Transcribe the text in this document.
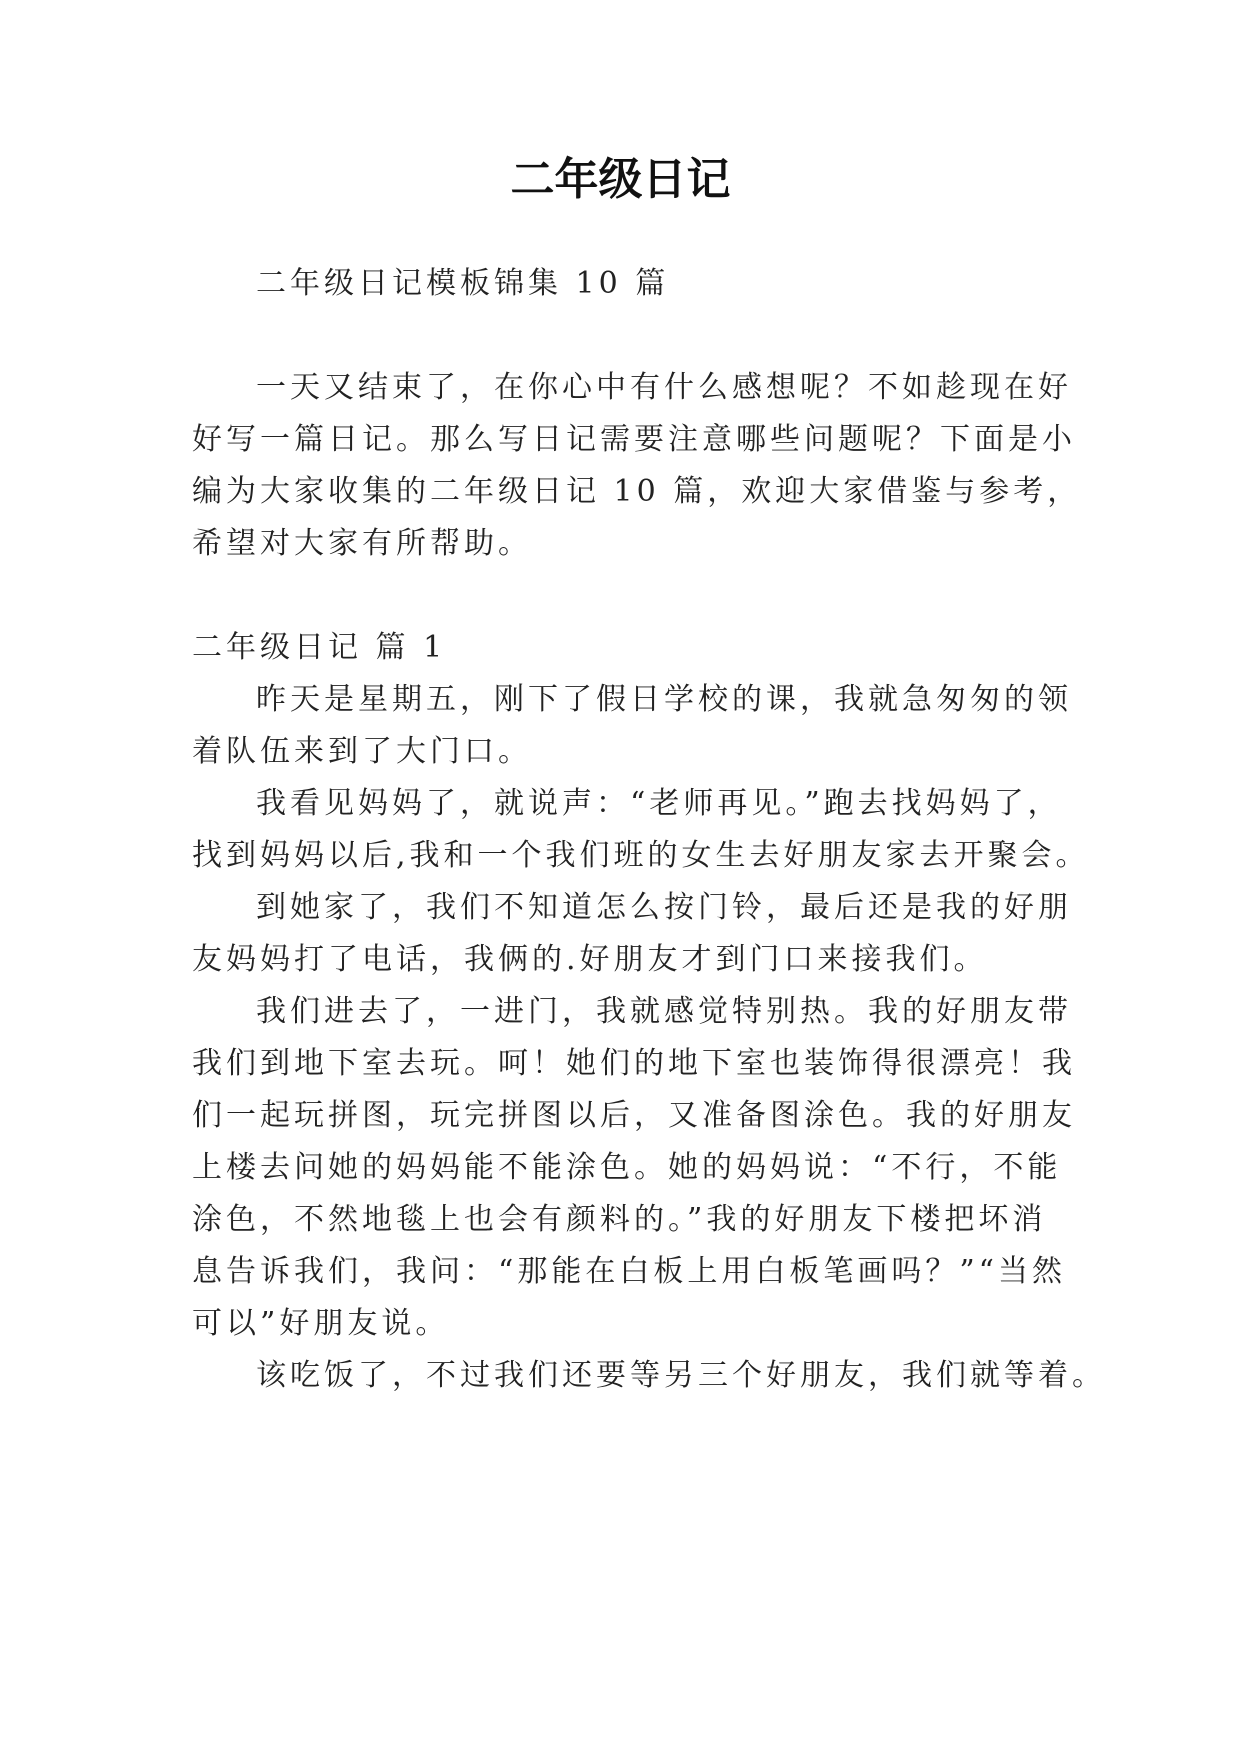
二年级日记

二年级日记模板锦集 10 篇

一天又结束了，在你心中有什么感想呢？不如趁现在好

好写一篇日记。那么写日记需要注意哪些问题呢？下面是小

编为大家收集的二年级日记 10 篇，欢迎大家借鉴与参考，

希望对大家有所帮助。

二年级日记 篇 1

昨天是星期五，刚下了假日学校的课，我就急匆匆的领

着队伍来到了大门口。

我看见妈妈了，就说声：“老师再见。”跑去找妈妈了，

找到妈妈以后,我和一个我们班的女生去好朋友家去开聚会。

到她家了，我们不知道怎么按门铃，最后还是我的好朋

友妈妈打了电话，我俩的.好朋友才到门口来接我们。

我们进去了，一进门，我就感觉特别热。我的好朋友带

我们到地下室去玩。呵！她们的地下室也装饰得很漂亮！我

们一起玩拼图，玩完拼图以后，又准备图涂色。我的好朋友

上楼去问她的妈妈能不能涂色。她的妈妈说：“不行，不能

涂色，不然地毯上也会有颜料的。”我的好朋友下楼把坏消

息告诉我们，我问：“那能在白板上用白板笔画吗？”“当然

可以”好朋友说。

该吃饭了，不过我们还要等另三个好朋友，我们就等着。
